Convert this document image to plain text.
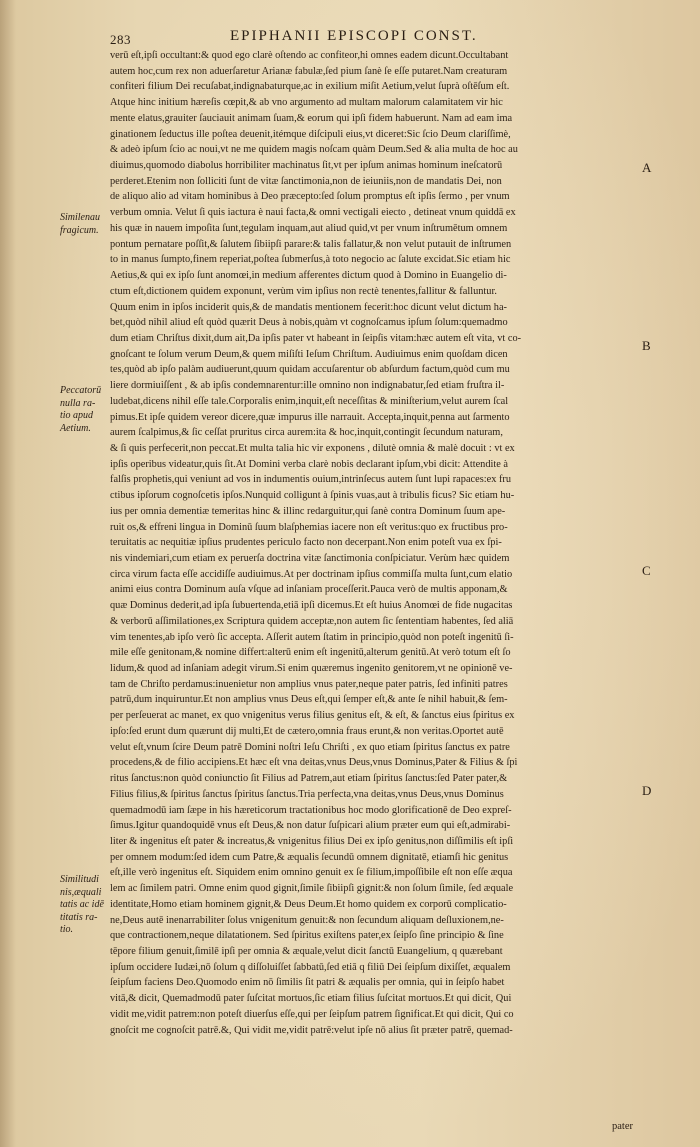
283	EPIPHANII EPISCOPI CONST.
verū eſt,ipſi occultant:& quod ego clarè oſtendo ac confiteor,hi omnes eadem dicunt.Occultabant
autem hoc,cum rex non aduerſaretur Arianæ fabulæ,ſed pium ſanè ſe eſſe putaret.Nam creaturam
confiteri filium Dei recuſabat,indignabaturque,ac in exilium miſit Aetium,velut ſuprà oſtēſum eſt.
Atque hinc initium hæreſis cœpit,& ab vno argumento ad multam malorum calamitatem vir hic
mente elatus,grauiter ſauciauit animam ſuam,& eorum qui ipſi fidem habuerunt. Nam ad eam ima
ginationem ſeductus ille poſtea deuenit,itémque diſcipuli eius,vt diceret:Sic ſcio Deum clariſſimè,
& adeò ipſum ſcio ac noui,vt ne me quidem magis noſcam quàm Deum.Sed & alia multa de hoc au
diuimus,quomodo diabolus horribiliter machinatus ſit,vt per ipſum animas hominum ineſcatorū
perderet.Etenim non ſolliciti ſunt de vitæ ſanctimonia,non de ieiuniis,non de mandatis Dei, non
de aliquo alio ad vitam hominibus à Deo præcepto:ſed ſolum promptus eſt ipſis ſermo , per vnum
verbum omnia. Velut ſi quis iactura è naui facta,& omni vectigali eiecto , detineat vnum quiddā ex
his quæ in nauem impoſita ſunt,tegulam inquam,aut aliud quid,vt per vnum inſtrumētum omnem
pontum pernatare poſſit,& ſalutem ſibiipſi parare:& talis fallatur,& non velut putauit de inſtrumen
to in manus ſumpto,finem reperiat,poſtea ſubmerſus,à toto negocio ac ſalute excidat.Sic etiam hic
Aetius,& qui ex ipſo ſunt anomœi,in medium afferentes dictum quod à Domino in Euangelio di-
ctum eſt,dictionem quidem exponunt, verùm vim ipſius non rectè tenentes,fallitur & falluntur.
Quum enim in ipſos inciderit quis,& de mandatis mentionem fecerit:hoc dicunt velut dictum ha-
bet,quòd nihil aliud eſt quòd quærit Deus à nobis,quàm vt cognoſcamus ipſum ſolum:quemadmo
dum etiam Chriſtus dixit,dum ait,Da ipſis pater vt habeant in ſeipſis vitam:hæc autem eſt vita, vt co-
gnoſcant te ſolum verum Deum,& quem miſiſti Ieſum Chriſtum. Audiuimus enim quoſdam dicen
tes,quòd ab ipſo palàm audiuerunt,quum quidam accuſarentur ob abſurdum factum,quòd cum mu
liere dormiuiſſent , & ab ipſis condemnarentur:ille omnino non indignabatur,ſed etiam fruſtra il-
ludebat,dicens nihil eſſe tale.Corporalis enim,inquit,eſt neceſſitas & miniſterium,velut aurem ſcal
pimus.Et ipſe quidem vereor dicere,quæ impurus ille narrauit. Accepta,inquit,penna aut ſarmento
aurem ſcalpimus,& ſic ceſſat pruritus circa aurem:ita & hoc,inquit,contingit ſecundum naturam,
& ſi quis perfecerit,non peccat.Et multa talia hic vir exponens , dilutè omnia & malè docuit : vt ex
ipſis operibus videatur,quis ſit.At Domini verba clarè nobis declarant ipſum,vbi dicit: Attendite à
falſis prophetis,qui veniunt ad vos in indumentis ouium,intrinſecus autem ſunt lupi rapaces:ex fru
ctibus ipſorum cognoſcetis ipſos.Nunquid colligunt à ſpinis vuas,aut à tribulis ficus? Sic etiam hu-
ius per omnia dementiæ temeritas hinc & illinc redarguitur,qui ſanè contra Dominum ſuum ape-
ruit os,& effreni lingua in Dominū ſuum blaſphemias iacere non eſt veritus:quo ex fructibus pro-
teruitatis ac nequitiæ ipſius prudentes periculo facto non decerpant.Non enim poteſt vua ex ſpi-
nis vindemiari,cum etiam ex peruerſa doctrina vitæ ſanctimonia conſpiciatur. Verùm hæc quidem
circa virum facta eſſe accidiſſe audiuimus.At per doctrinam ipſius commiſſa multa ſunt,cum elatio
animi eius contra Dominum auſa vſque ad inſaniam proceſſerit.Pauca verò de multis apponam,&
quæ Dominus dederit,ad ipſa ſubuertenda,etiā ipſi dicemus.Et eſt huius Anomœi de fide nugacitas
& verborū aſſimilationes,ex Scriptura quidem acceptæ,non autem ſic ſententiam habentes, ſed aliā
vim tenentes,ab ipſo verò ſic accepta. Aſſerit autem ſtatim in principio,quòd non poteſt ingenitū ſi-
mile eſſe genitonam,& nomine differt:alterū enim eſt ingenitū,alterum genitū.At verò totum eſt ſo
lidum,& quod ad inſaniam adegit virum.Si enim quæremus ingenito genitorem,vt ne opinionē ve-
tam de Chriſto perdamus:inuenietur non amplius vnus pater,neque pater patris, ſed infiniti patres
patrū,dum inquiruntur.Et non amplius vnus Deus eſt,qui ſemper eſt,& ante ſe nihil habuit,& ſem-
per perſeuerat ac manet, ex quo vnigenitus verus filius genitus eſt, & eſt, & ſanctus eius ſpiritus ex
ipſo:ſed erunt dum quærunt dij multi,Et de cætero,omnia fraus erunt,& non veritas.Oportet autē
velut eſt,vnum ſcire Deum patrē Domini noſtri Ieſu Chriſti , ex quo etiam ſpiritus ſanctus ex patre
procedens,& de filio accipiens.Et hæc eſt vna deitas,vnus Deus,vnus Dominus,Pater & Filius & ſpi
ritus ſanctus:non quòd coniunctio ſit Filius ad Patrem,aut etiam ſpiritus ſanctus:ſed Pater pater,&
Filius filius,& ſpiritus ſanctus ſpiritus ſanctus.Tria perfecta,vna deitas,vnus Deus,vnus Dominus
quemadmodū iam ſæpe in his hæreticorum tractationibus hoc modo glorificationē de Deo expreſ-
ſimus.Igitur quandoquidē vnus eſt Deus,& non datur ſuſpicari alium præter eum qui eſt,admirabi-
liter & ingenitus eſt pater & increatus,& vnigenitus filius Dei ex ipſo genitus,non diſſimilis eſt ipſi
per omnem modum:ſed idem cum Patre,& æqualis ſecundū omnem dignitatē, etiamſi hic genitus
eſt,ille verò ingenitus eſt. Siquidem enim omnino genuit ex ſe filium,impoſſibile eſt non eſſe æqua
lem ac ſimilem patri. Omne enim quod gignit,ſimile ſibiipſi gignit:& non ſolum ſimile, ſed æquale
identitate,Homo etiam hominem gignit,& Deus Deum.Et homo quidem ex corporū complicatio-
ne,Deus autē inenarrabiliter ſolus vnigenitum genuit:& non ſecundum aliquam deſluxionem,ne-
que contractionem,neque dilatationem. Sed ſpiritus exiſtens pater,ex ſeipſo ſine principio & ſine
tēpore filium genuit,ſimilē ipſi per omnia & æquale,velut dicit ſanctū Euangelium, q quærebant
ipſum occidere Iudæi,nō ſolum q diſſoluiſſet ſabbatū,ſed etiā q filiū Dei ſeipſum dixiſſet, æqualem
ſeipſum faciens Deo.Quomodo enim nō ſimilis ſit patri & æqualis per omnia, qui in ſeipſo habet
vitā,& dicit, Quemadmodū pater ſuſcitat mortuos,ſic etiam filius ſuſcitat mortuos.Et qui dicit, Qui
vidit me,vidit patrem:non poteſt diuerſus eſſe,qui per ſeipſum patrem ſignificat.Et qui dicit, Qui co
gnoſcit me cognoſcit patrē.&, Qui vidit me,vidit patrē:velut ipſe nō alius ſit præter patrē, quemad-
Similenau
fragicum.
Peccatorū
nulla ra-
tio apud
Aetium.
Similitudi
nis,æquali
tatis ac idē
titatis ra-
tio.
A
B
C
D
pater
